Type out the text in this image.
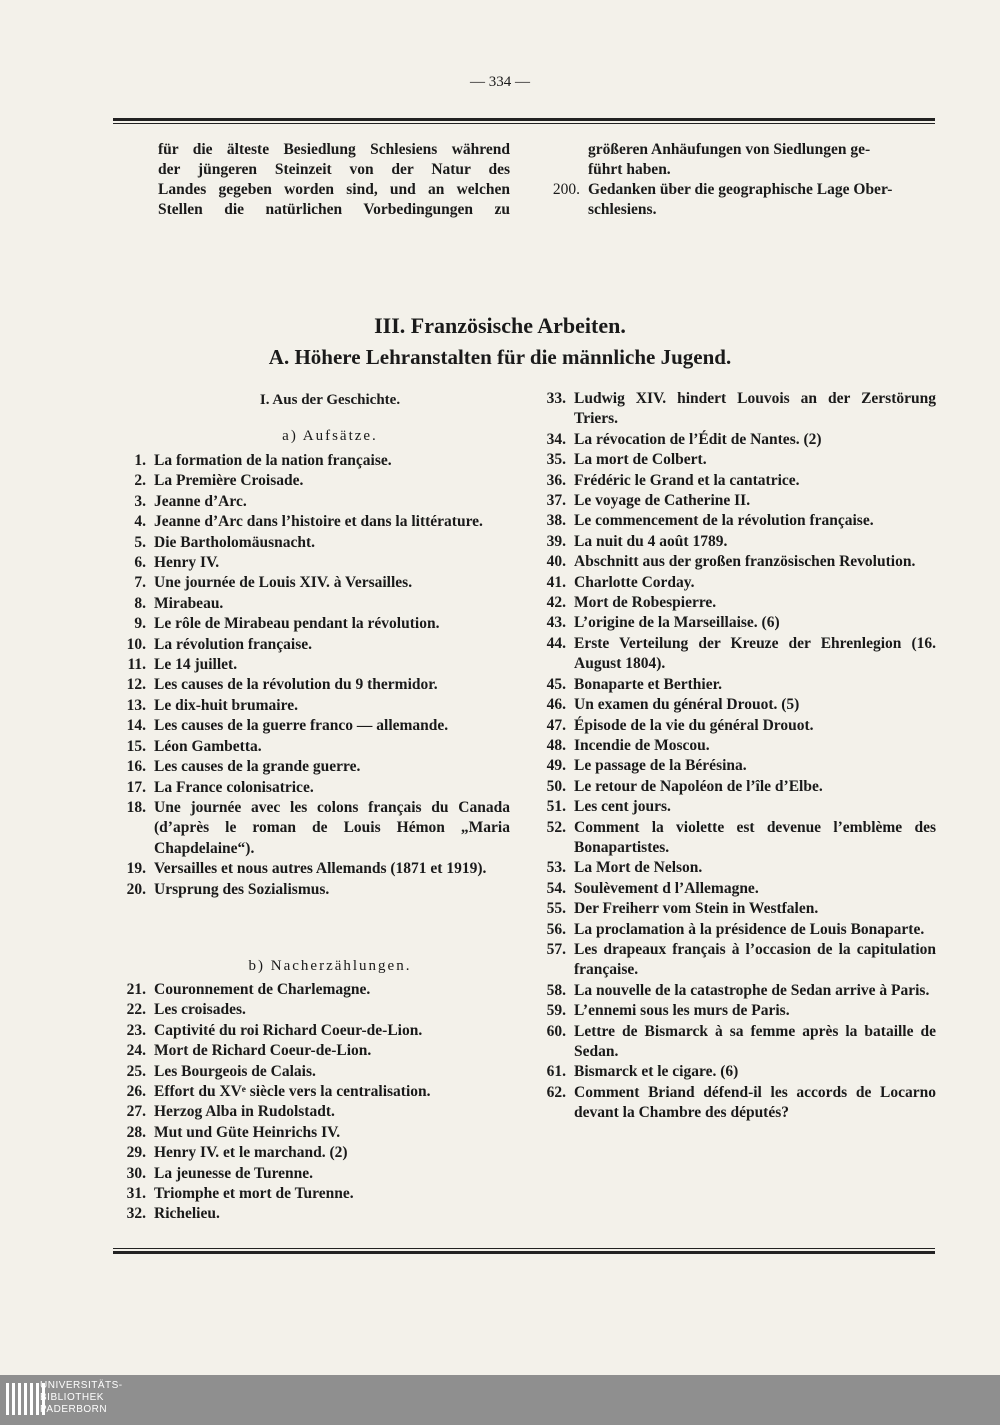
— 334 —
für die älteste Besiedlung Schlesiens während
der jüngeren Steinzeit von der Natur des
Landes gegeben worden sind, und an welchen
Stellen die natürlichen Vorbedingungen zu
größeren Anhäufungen von Siedlungen ge-
führt haben.
200. Gedanken über die geographische Lage Ober-
schlesiens.
III. Französische Arbeiten.
A. Höhere Lehranstalten für die männliche Jugend.
I. Aus der Geschichte.
a) Aufsätze.
1. La formation de la nation française.
2. La Première Croisade.
3. Jeanne d’Arc.
4. Jeanne d’Arc dans l’histoire et dans la littérature.
5. Die Bartholomäusnacht.
6. Henry IV.
7. Une journée de Louis XIV. à Versailles.
8. Mirabeau.
9. Le rôle de Mirabeau pendant la révolution.
10. La révolution française.
11. Le 14 juillet.
12. Les causes de la révolution du 9 thermidor.
13. Le dix-huit brumaire.
14. Les causes de la guerre franco — allemande.
15. Léon Gambetta.
16. Les causes de la grande guerre.
17. La France colonisatrice.
18. Une journée avec les colons français du Canada (d’après le roman de Louis Hémon „Maria Chapdelaine“).
19. Versailles et nous autres Allemands (1871 et 1919).
20. Ursprung des Sozialismus.
b) Nacherzählungen.
21. Couronnement de Charlemagne.
22. Les croisades.
23. Captivité du roi Richard Coeur-de-Lion.
24. Mort de Richard Coeur-de-Lion.
25. Les Bourgeois de Calais.
26. Effort du XVᵉ siècle vers la centralisation.
27. Herzog Alba in Rudolstadt.
28. Mut und Güte Heinrichs IV.
29. Henry IV. et le marchand. (2)
30. La jeunesse de Turenne.
31. Triomphe et mort de Turenne.
32. Richelieu.
33. Ludwig XIV. hindert Louvois an der Zerstörung Triers.
34. La révocation de l’Édit de Nantes. (2)
35. La mort de Colbert.
36. Frédéric le Grand et la cantatrice.
37. Le voyage de Catherine II.
38. Le commencement de la révolution française.
39. La nuit du 4 août 1789.
40. Abschnitt aus der großen französischen Revolution.
41. Charlotte Corday.
42. Mort de Robespierre.
43. L’origine de la Marseillaise. (6)
44. Erste Verteilung der Kreuze der Ehrenlegion (16. August 1804).
45. Bonaparte et Berthier.
46. Un examen du général Drouot. (5)
47. Épisode de la vie du général Drouot.
48. Incendie de Moscou.
49. Le passage de la Bérésina.
50. Le retour de Napoléon de l’île d’Elbe.
51. Les cent jours.
52. Comment la violette est devenue l’emblème des Bonapartistes.
53. La Mort de Nelson.
54. Soulèvement d l’Allemagne.
55. Der Freiherr vom Stein in Westfalen.
56. La proclamation à la présidence de Louis Bonaparte.
57. Les drapeaux français à l’occasion de la capitulation française.
58. La nouvelle de la catastrophe de Sedan arrive à Paris.
59. L’ennemi sous les murs de Paris.
60. Lettre de Bismarck à sa femme après la bataille de Sedan.
61. Bismarck et le cigare. (6)
62. Comment Briand défend-il les accords de Locarno devant la Chambre des députés?
UNIVERSITÄTS-
BIBLIOTHEK
PADERBORN
